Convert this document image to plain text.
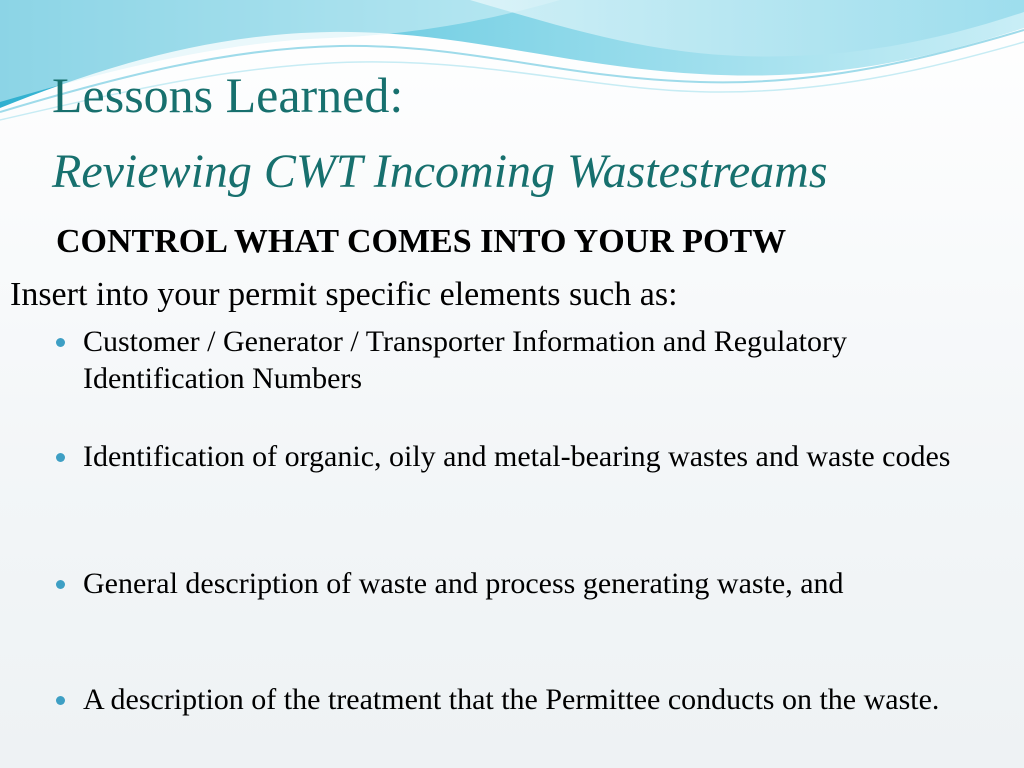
Lessons Learned:
Reviewing CWT Incoming Wastestreams
CONTROL WHAT COMES INTO YOUR POTW
Insert into your permit specific elements such as:
Customer / Generator / Transporter Information and Regulatory Identification Numbers
Identification of organic, oily and metal-bearing wastes and waste codes
General description of waste and process generating waste, and
A description of the treatment that the Permittee conducts on the waste.
